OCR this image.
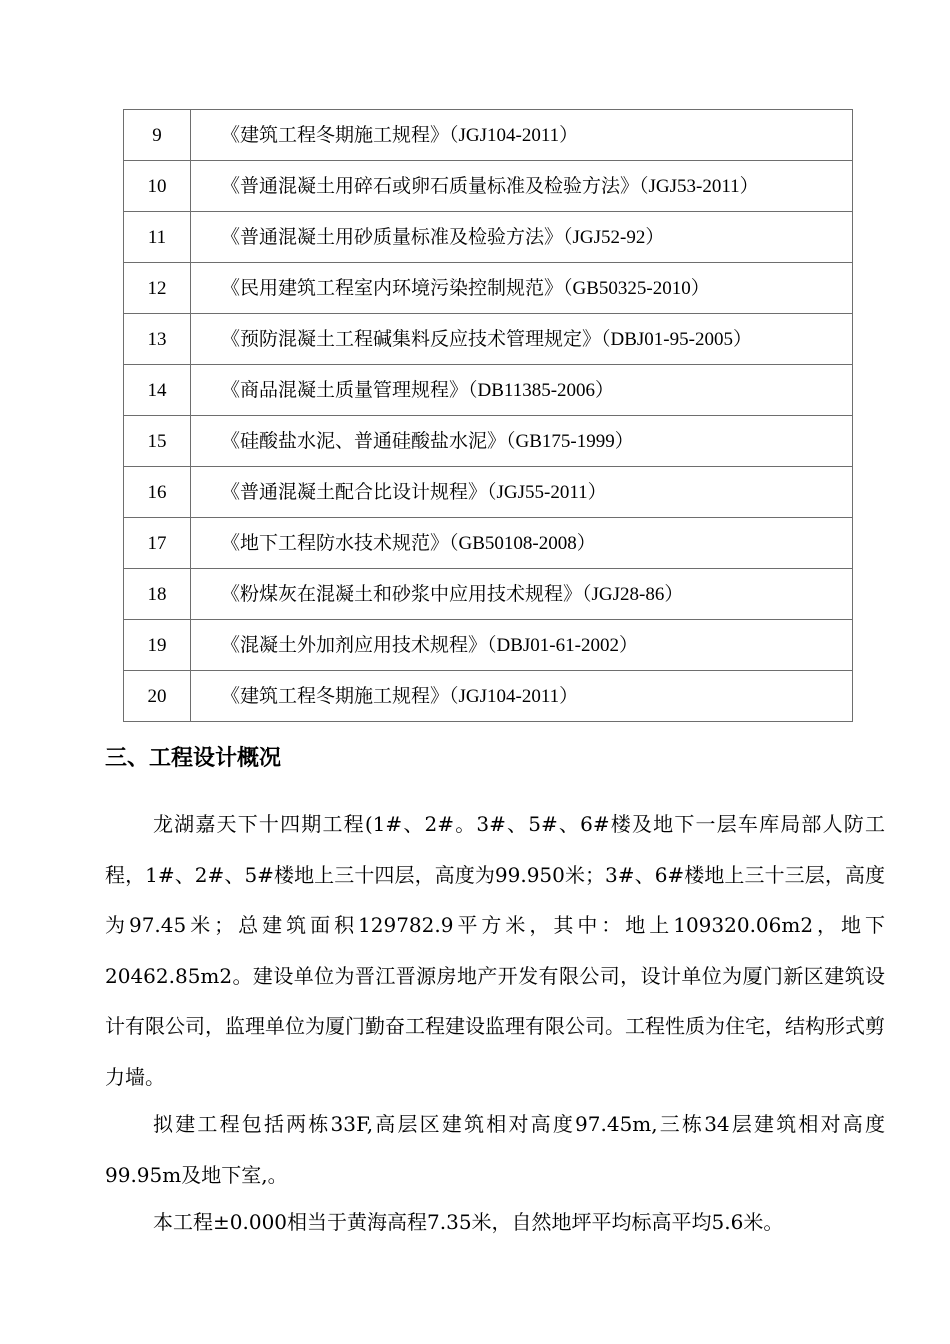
9	《建筑工程冬期施工规程》（JGJ104-2011）
10	《普通混凝土用碎石或卵石质量标准及检验方法》（JGJ53-2011）
11	《普通混凝土用砂质量标准及检验方法》（JGJ52-92）
12	《民用建筑工程室内环境污染控制规范》（GB50325-2010）
13	《预防混凝土工程碱集料反应技术管理规定》（DBJ01-95-2005）
14	《商品混凝土质量管理规程》（DB11385-2006）
15	《硅酸盐水泥、普通硅酸盐水泥》（GB175-1999）
16	《普通混凝土配合比设计规程》（JGJ55-2011）
17	《地下工程防水技术规范》（GB50108-2008）
18	《粉煤灰在混凝土和砂浆中应用技术规程》（JGJ28-86）
19	《混凝土外加剂应用技术规程》（DBJ01-61-2002）
20	《建筑工程冬期施工规程》（JGJ104-2011）
三、工程设计概况

龙湖嘉天下十四期工程(1#、2#。3#、5#、6#楼及地下一层车库局部人防工程，1#、2#、5#楼地上三十四层，高度为99.950米；3#、6#楼地上三十三层，高度为97.45米；总建筑面积129782.9平方米，其中：地上109320.06m2，地下20462.85m2。建设单位为晋江晋源房地产开发有限公司，设计单位为厦门新区建筑设计有限公司，监理单位为厦门勤奋工程建设监理有限公司。工程性质为住宅，结构形式剪力墙。

拟建工程包括两栋33F,高层区建筑相对高度97.45m,三栋34层建筑相对高度99.95m及地下室,。

本工程±0.000相当于黄海高程7.35米，自然地坪平均标高平均5.6米。
